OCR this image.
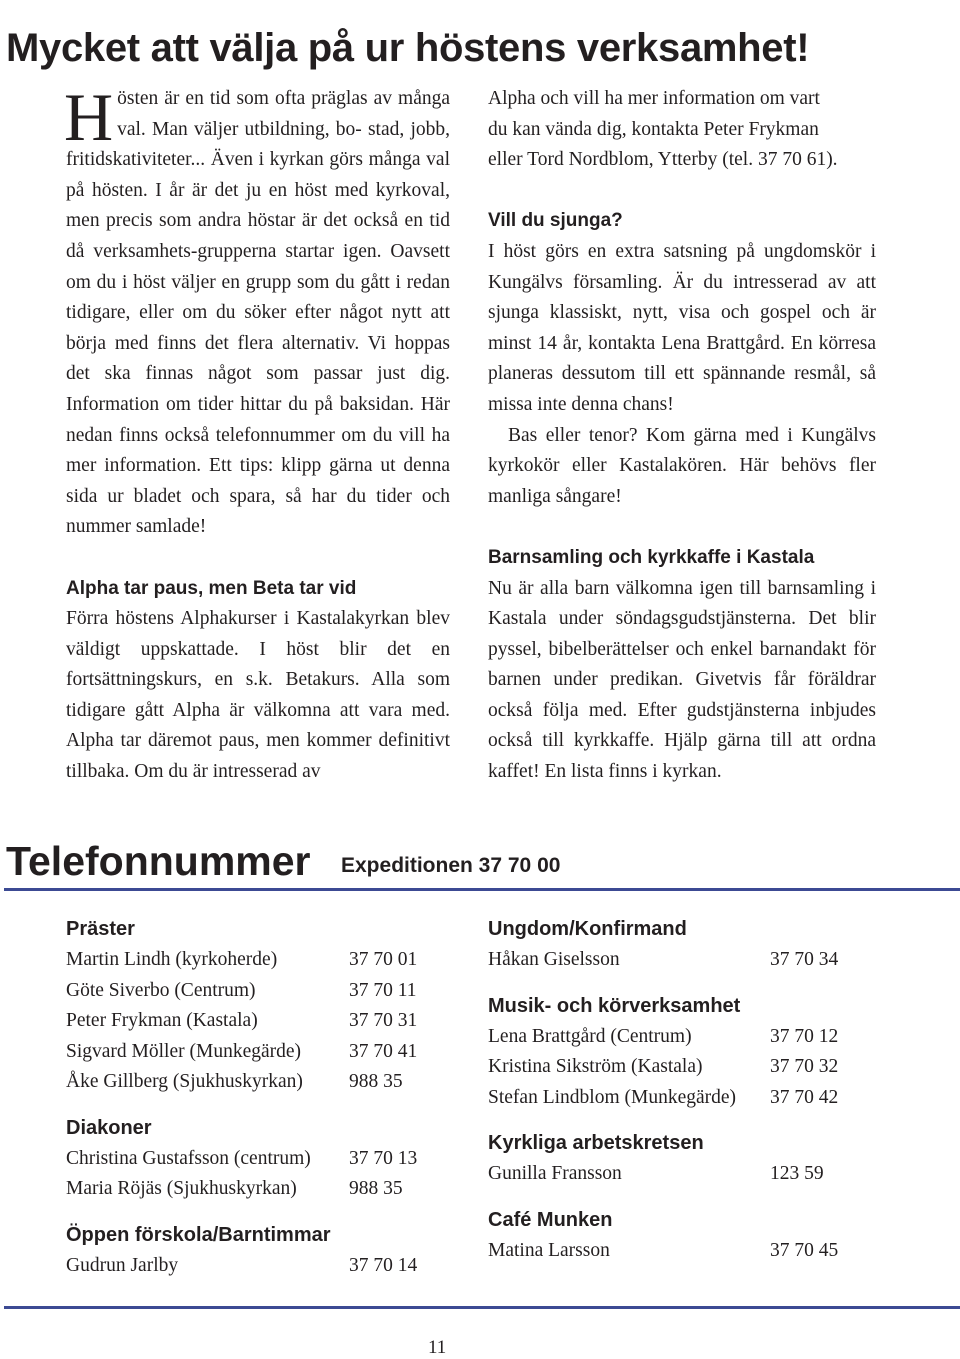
Mycket att välja på ur höstens verksamhet!

Hösten är en tid som ofta präglas av många val. Man väljer utbildning, bo- stad, jobb, fritidskativiteter... Även i kyrkan görs många val på hösten. I år är det ju en höst med kyrkoval, men precis som andra höstar är det också en tid då verksamhets-grupperna startar igen. Oavsett om du i höst väljer en grupp som du gått i redan tidigare, eller om du söker efter något nytt att börja med finns det flera alternativ. Vi hoppas det ska finnas något som passar just dig. Information om tider hittar du på baksidan. Här nedan finns också telefonnummer om du vill ha mer information. Ett tips: klipp gärna ut denna sida ur bladet och spara, så har du tider och nummer samlade!

Alpha tar paus, men Beta tar vid

Förra höstens Alphakurser i Kastalakyrkan blev väldigt uppskattade. I höst blir det en fortsättningskurs, en s.k. Betakurs. Alla som tidigare gått Alpha är välkomna att vara med. Alpha tar däremot paus, men kommer definitivt tillbaka. Om du är intresserad av

Alpha och vill ha mer information om vart

du kan vända dig, kontakta Peter Frykman

eller Tord Nordblom, Ytterby (tel. 37 70 61).

Vill du sjunga?

I höst görs en extra satsning på ungdomskör i Kungälvs församling. Är du intresserad av att sjunga klassiskt, nytt, visa och gospel och är minst 14 år, kontakta Lena Brattgård. En körresa planeras dessutom till ett spännande resmål, så missa inte denna chans!

Bas eller tenor? Kom gärna med i Kungälvs kyrkokör eller Kastalakören. Här behövs fler manliga sångare!

Barnsamling och kyrkkaffe i Kastala

Nu är alla barn välkomna igen till barnsamling i Kastala under söndagsgudstjänsterna. Det blir pyssel, bibelberättelser och enkel barnandakt för barnen under predikan. Givetvis får föräldrar också följa med. Efter gudstjänsterna inbjudes också till kyrkkaffe. Hjälp gärna till att ordna kaffet! En lista finns i kyrkan.

Telefonnummer Expeditionen 37 70 00
Präster
Martin Lindh (kyrkoherde)	37 70 01
Göte Siverbo (Centrum)	37 70 11
Peter Frykman (Kastala)	37 70 31
Sigvard Möller (Munkegärde)	37 70 41
Åke Gillberg (Sjukhuskyrkan)	988 35
Diakoner
Christina Gustafsson (centrum)	37 70 13
Maria Röjäs (Sjukhuskyrkan)	988 35
Öppen förskola/Barntimmar
Gudrun Jarlby	37 70 14
Ungdom/Konfirmand
Håkan Giselsson	37 70 34
Musik- och körverksamhet
Lena Brattgård (Centrum)	37 70 12
Kristina Sikström (Kastala)	37 70 32
Stefan Lindblom (Munkegärde)	37 70 42
Kyrkliga arbetskretsen
Gunilla Fransson	123 59
Café Munken
Matina Larsson	37 70 45
11
